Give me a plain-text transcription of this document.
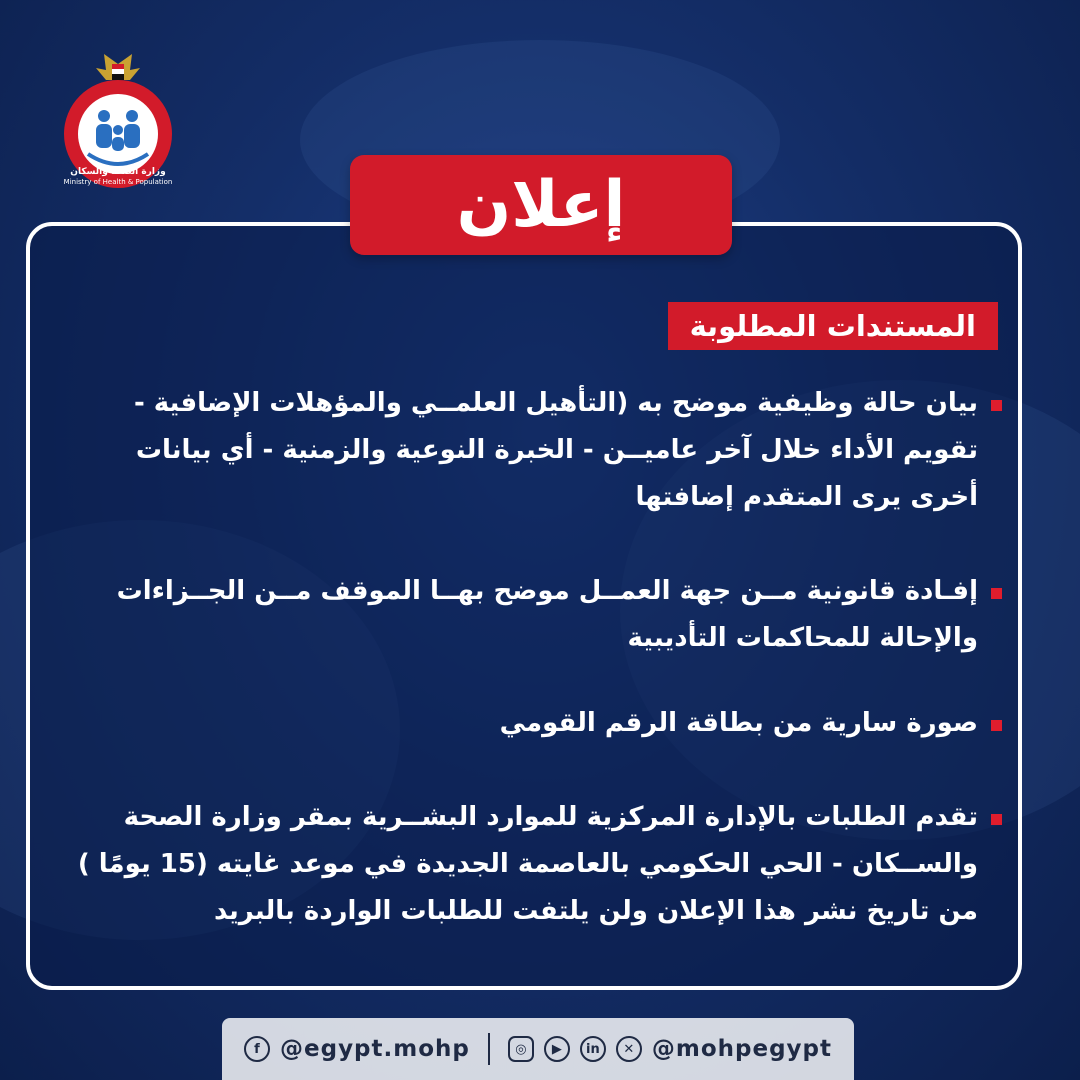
Ministry of Health & Population
وزارة الصحة والسكان	إعلان
المستندات المطلوبة
بيان حالة وظيفية موضح به (التأهيل العلمــي والمؤهلات الإضافية - تقويم الأداء خلال آخر عاميــن - الخبرة النوعية والزمنية - أي بيانات أخرى يرى المتقدم إضافتها
إفـادة قانونية مــن جهة العمــل موضح بهــا الموقف مــن الجــزاءات والإحالة للمحاكمات التأديبية
صورة سارية من بطاقة الرقم القومي
تقدم الطلبات بالإدارة المركزية للموارد البشــرية بمقر وزارة الصحة والســكان - الحي الحكومي بالعاصمة الجديدة في موعد غايته (15 يومًا ) من تاريخ نشر هذا الإعلان ولن يلتفت للطلبات الواردة بالبريد
f @egypt.mohp	◎	▶	in	✕ @mohpegypt
